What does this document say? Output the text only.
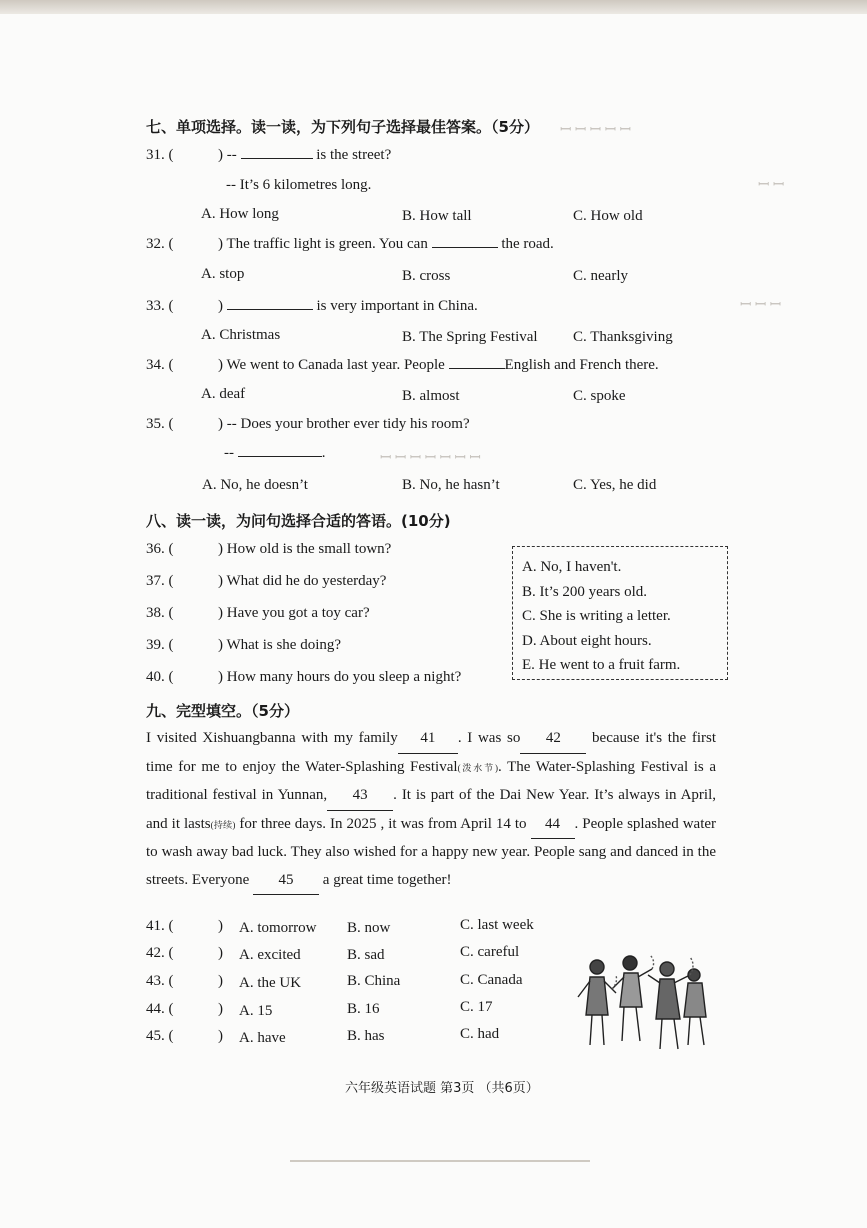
ꟷ ꟷ ꟷ ꟷ ꟷ
ꟷ ꟷ
ꟷ ꟷ ꟷ
ꟷ ꟷ ꟷ ꟷ ꟷ ꟷ ꟷ
七、单项选择。读一读，为下列句子选择最佳答案。（5分）
31. (	) --	is the street?
-- It’s 6 kilometres long.
A. How long	B. How tall	C. How old
32. (	) The traffic light is green. You can	the road.
A. stop	B. cross	C. nearly
33. (	)	is very important in China.
A. Christmas	B. The Spring Festival C. Thanksgiving
34. (	) We went to Canada last year. People	English and French there.
A. deaf	B. almost	C. spoke
35. (	) -- Does your brother ever tidy his room?
--	.
A. No, he doesn’t	B. No, he hasn’t	C. Yes, he did
八、读一读，为问句选择合适的答语。(10分)
36. (	) How old is the small town?
37. (	) What did he do yesterday?
38. (	) Have you got a toy car?
39. (	) What is she doing?
40. (	) How many hours do you sleep a night?
A. No, I haven't.
B. It’s 200 years old.
C. She is writing a letter.
D. About eight hours.
E. He went to a fruit farm.
九、完型填空。（5分）
I visited Xishuangbanna with my family 41 . I was so 42 because it's the first time for me to enjoy the Water-Splashing Festival(泼水节). The Water-Splashing Festival is a traditional festival in Yunnan, 43 . It is part of the Dai New Year. It’s always in April, and it lasts(持续) for three days. In 2025 , it was from April 14 to 44 . People splashed water to wash away bad luck. They also wished for a happy new year. People sang and danced in the streets. Everyone 45 a great time together!
41. (	) A. tomorrow B. now	C. last week
42. (	) A. excited	B. sad	C. careful
43. (	) A. the UK	B. China	C. Canada
44. (	) A. 15	B. 16	C. 17
45. (	) A. have	B. has	C. had
六年级英语试题 第3页 （共6页）
